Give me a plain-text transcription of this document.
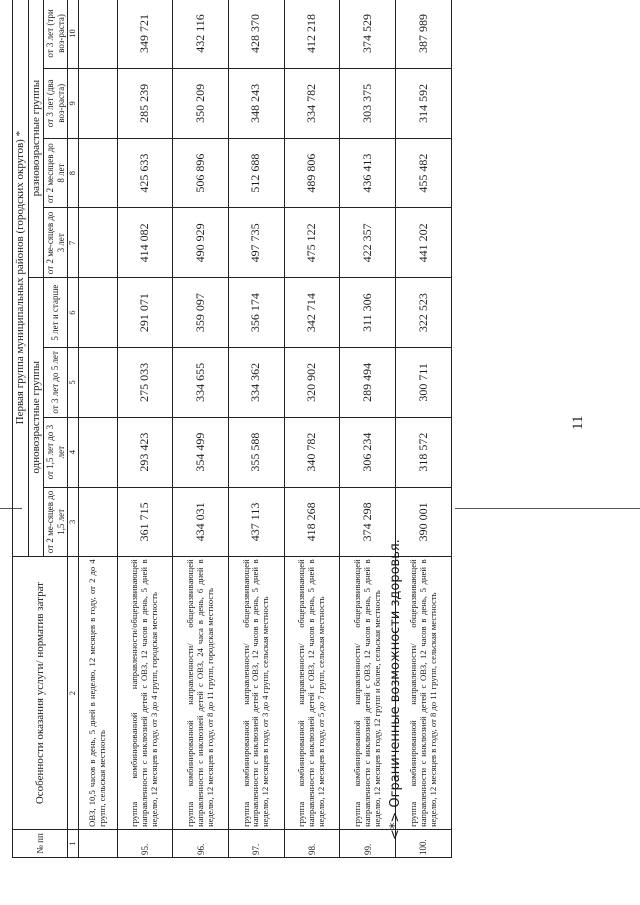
11
№ пп	Особенности оказания услуги/ норматив затрат	Первая группа муниципальных районов (городских округов) *							
		одновозрастные группы				разновозрастные группы			
		от 2 ме-сяцев до 1,5 лет	от 1,5 лет до 3 лет	от 3 лет до 5 лет	5 лет и старше	от 2 ме-сяцев до 3 лет	от 2 месяцев до 8 лет	от 3 лет (два воз-раста)	от 3 лет (три воз-раста)
1	2	3	4	5	6	7	8	9	10
	ОВЗ, 10,5 часов в день, 5 дней в неделю, 12 месяцев в году, от 2 до 4 групп, сельская местность								
95.	группа комбинированной направленности/общеразвивающей направленности с инклюзией детей с ОВЗ, 12 часов в день, 5 дней в неделю, 12 месяцев в году, от 3 до 4 групп, городская местность	361 715	293 423	275 033	291 071	414 082	425 633	285 239	349 721
96.	группа комбинированной направленности/ общеразвивающей направленности с инклюзией детей с ОВЗ, 24 часа в день, 6 дней в неделю, 12 месяцев в году, от 8 до 11 групп, городская местность	434 031	354 499	334 655	359 097	490 929	506 896	350 209	432 116
97.	группа комбинированной направленности/ общеразвивающей направленности с инклюзией детей с ОВЗ, 12 часов в день, 5 дней в неделю, 12 месяцев в году, от 3 до 4 групп, сельская местность	437 113	355 588	334 362	356 174	497 735	512 688	348 243	428 370
98.	группа комбинированной направленности/ общеразвивающей направленности с инклюзией детей с ОВЗ, 12 часов в день, 5 дней в неделю, 12 месяцев в году, от 5 до 7 групп, сельская местность	418 268	340 782	320 902	342 714	475 122	489 806	334 782	412 218
99.	группа комбинированной направленности/ общеразвивающей направленности с инклюзией детей с ОВЗ, 12 часов в день, 5 дней в неделю, 12 месяцев в году, 12 групп и более, сельская местность	374 298	306 234	289 494	311 306	422 357	436 413	303 375	374 529
100.	группа комбинированной направленности/ общеразвивающей направленности с инклюзией детей с ОВЗ, 12 часов в день, 5 дней в неделю, 12 месяцев в году, от 8 до 11 групп, сельская местность	390 001	318 572	300 711	322 523	441 202	455 482	314 592	387 989
<*> Ограниченные возможности здоровья.
